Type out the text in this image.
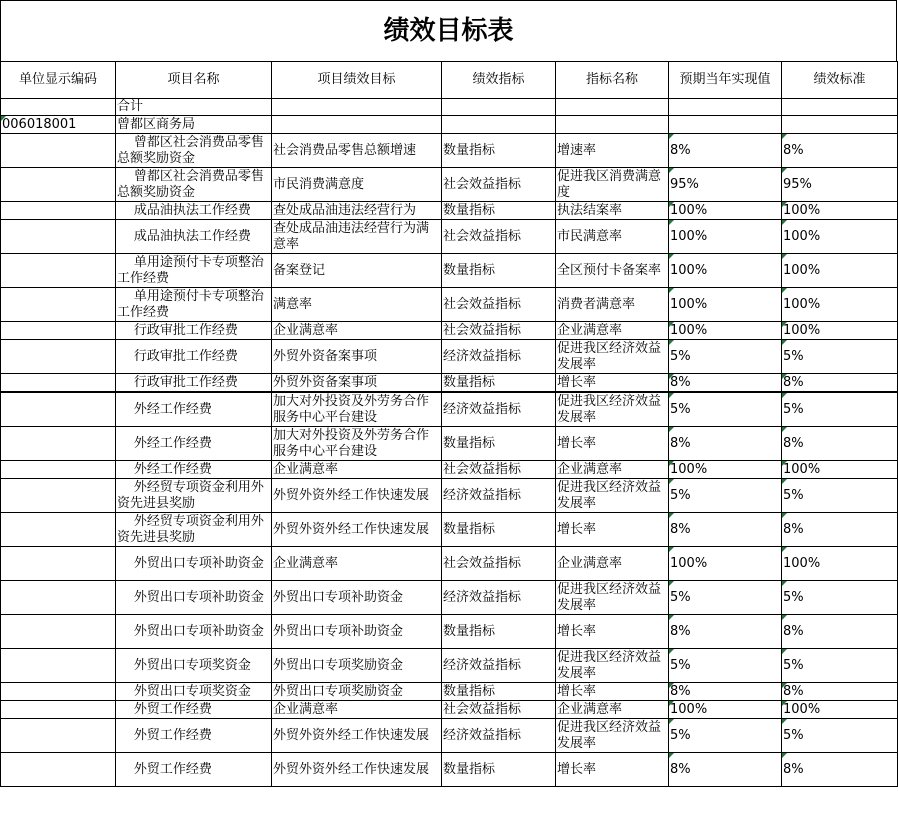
绩效目标表
单位显示编码	项目名称	项目绩效目标	绩效指标	指标名称	预期当年实现值	绩效标准
	合计					

006018001	曾都区商务局					
	曾都区社会消费品零售总额奖励资金	社会消费品零售总额增速	数量指标	增速率	8%	8%
	曾都区社会消费品零售总额奖励资金	市民消费满意度	社会效益指标	促进我区消费满意度	95%	95%
	成品油执法工作经费	查处成品油违法经营行为	数量指标	执法结案率	100%	100%
	成品油执法工作经费	查处成品油违法经营行为满意率	社会效益指标	市民满意率	100%	100%
	单用途预付卡专项整治工作经费	备案登记	数量指标	全区预付卡备案率	100%	100%
	单用途预付卡专项整治工作经费	满意率	社会效益指标	消费者满意率	100%	100%
	行政审批工作经费	企业满意率	社会效益指标	企业满意率	100%	100%
	行政审批工作经费	外贸外资备案事项	经济效益指标	促进我区经济效益发展率	5%	5%
	行政审批工作经费	外贸外资备案事项	数量指标	增长率	8%	8%
	外经工作经费	加大对外投资及外劳务合作服务中心平台建设	经济效益指标	促进我区经济效益发展率	5%	5%
	外经工作经费	加大对外投资及外劳务合作服务中心平台建设	数量指标	增长率	8%	8%
	外经工作经费	企业满意率	社会效益指标	企业满意率	100%	100%
	外经贸专项资金利用外资先进县奖励	外贸外资外经工作快速发展	经济效益指标	促进我区经济效益发展率	5%	5%
	外经贸专项资金利用外资先进县奖励	外贸外资外经工作快速发展	数量指标	增长率	8%	8%
	外贸出口专项补助资金	企业满意率	社会效益指标	企业满意率	100%	100%
	外贸出口专项补助资金	外贸出口专项补助资金	经济效益指标	促进我区经济效益发展率	5%	5%
	外贸出口专项补助资金	外贸出口专项补助资金	数量指标	增长率	8%	8%
	外贸出口专项奖资金	外贸出口专项奖励资金	经济效益指标	促进我区经济效益发展率	5%	5%
	外贸出口专项奖资金	外贸出口专项奖励资金	数量指标	增长率	8%	8%
	外贸工作经费	企业满意率	社会效益指标	企业满意率	100%	100%
	外贸工作经费	外贸外资外经工作快速发展	经济效益指标	促进我区经济效益发展率	5%	5%
	外贸工作经费	外贸外资外经工作快速发展	数量指标	增长率	8%	8%
